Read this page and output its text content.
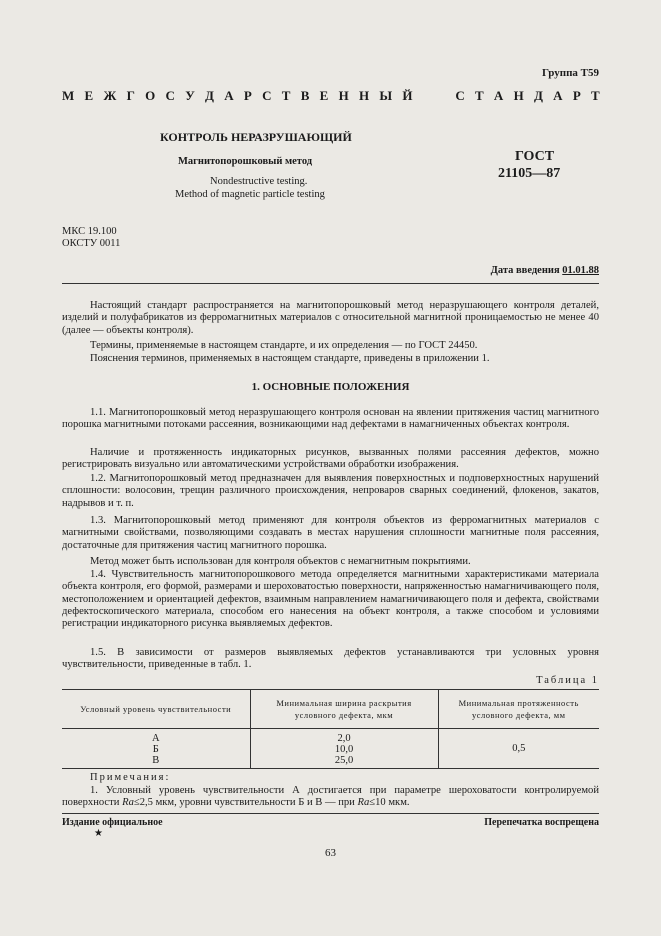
Группа Т59
М Е Ж Г О С У Д А Р С Т В Е Н Н Ы Й	С Т А Н Д А Р Т
КОНТРОЛЬ НЕРАЗРУШАЮЩИЙ
Магнитопорошковый метод
Nondestructive testing.
Method of magnetic particle testing
ГОСТ
21105—87
МКС 19.100
ОКСТУ 0011
Дата введения 01.01.88

Настоящий стандарт распространяется на магнитопорошковый метод неразрушающего контроля деталей, изделий и полуфабрикатов из ферромагнитных материалов с относительной магнитной проницаемостью не менее 40 (далее — объекты контроля).

Термины, применяемые в настоящем стандарте, и их определения — по ГОСТ 24450.

Пояснения терминов, применяемых в настоящем стандарте, приведены в приложении 1.

1. ОСНОВНЫЕ ПОЛОЖЕНИЯ

1.1. Магнитопорошковый метод неразрушающего контроля основан на явлении притяжения частиц магнитного порошка магнитными потоками рассеяния, возникающими над дефектами в намагниченных объектах контроля.

Наличие и протяженность индикаторных рисунков, вызванных полями рассеяния дефектов, можно регистрировать визуально или автоматическими устройствами обработки изображения.

1.2. Магнитопорошковый метод предназначен для выявления поверхностных и подповерхностных нарушений сплошности: волосовин, трещин различного происхождения, непроваров сварных соединений, флокенов, закатов, надрывов и т. п.

1.3. Магнитопорошковый метод применяют для контроля объектов из ферромагнитных материалов с магнитными свойствами, позволяющими создавать в местах нарушения сплошности магнитные поля рассеяния, достаточные для притяжения частиц магнитного порошка.

Метод может быть использован для контроля объектов с немагнитным покрытиями.

1.4. Чувствительность магнитопорошкового метода определяется магнитными характеристиками материала объекта контроля, его формой, размерами и шероховатостью поверхности, напряженностью намагничивающего поля, местоположением и ориентацией дефектов, взаимным направлением намагничивающего поля и дефекта, свойствами дефектоскопического материала, способом его нанесения на объект контроля, а также способом и условиями регистрации индикаторного рисунка выявляемых дефектов.

1.5. В зависимости от размеров выявляемых дефектов устанавливаются три условных уровня чувствительности, приведенные в табл. 1.

Таблица 1
Условный уровень чувствительности	Минимальная ширина раскрытия условного дефекта, мкм	Минимальная протяженность условного дефекта, мм
А	2,0	0,5
Б	10,0	
В	25,0	
Примечания:

1. Условный уровень чувствительности А достигается при параметре шероховатости контролируемой поверхности Ra≤2,5 мкм, уровни чувствительности Б и В — при Ra≤10 мкм.

Издание официальное	Перепечатка воспрещена
★
63
